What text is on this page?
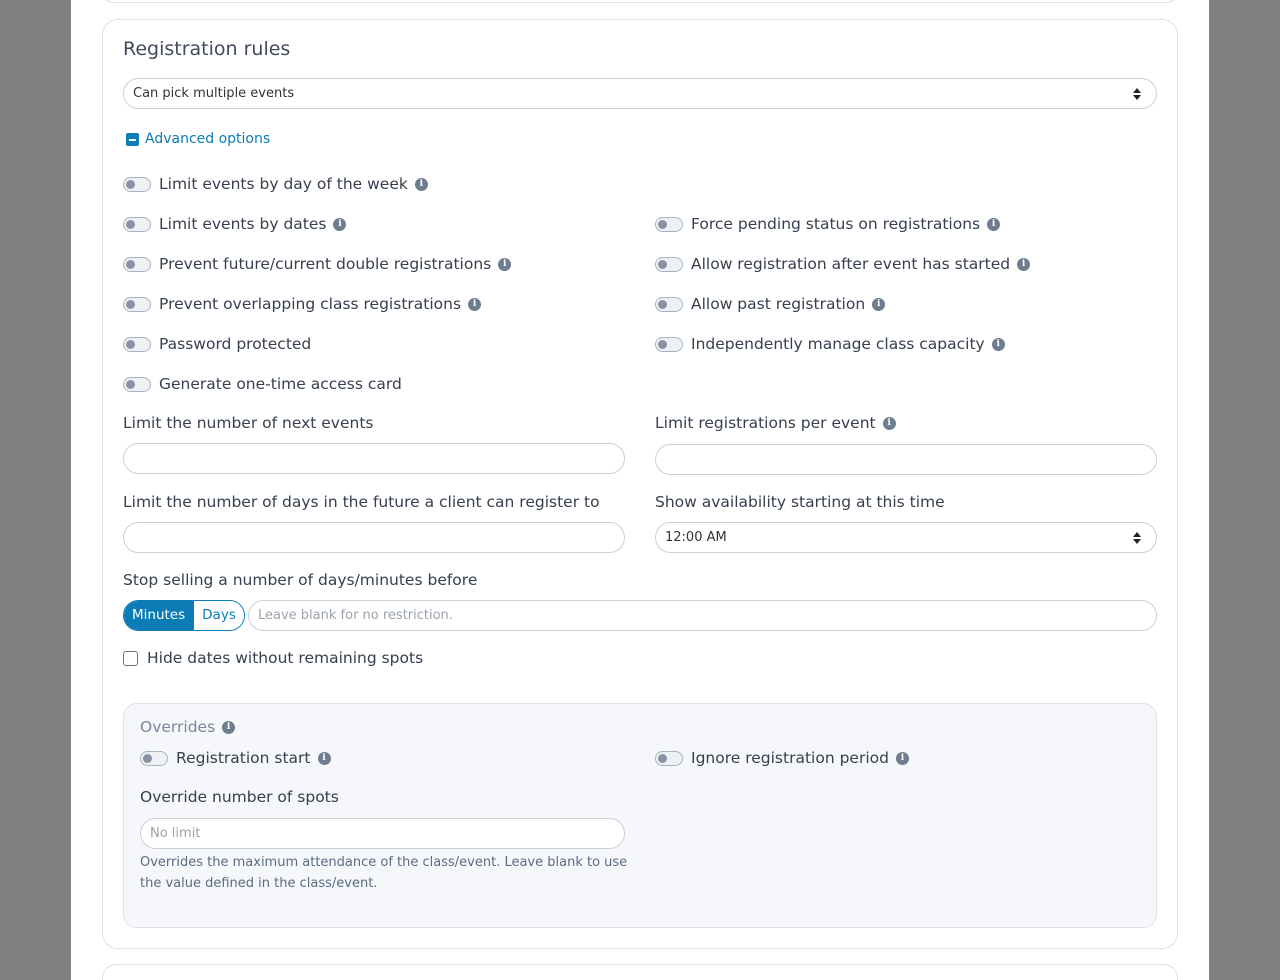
Registration rules
Can pick multiple events
Advanced options
Limit events by day of the week	i
Limit events by dates	i
Prevent future/current double registrations	i
Prevent overlapping class registrations	i
Password protected
Generate one-time access card
Force pending status on registrations	i
Allow registration after event has started	i
Allow past registration	i
Independently manage class capacity	i
Limit the number of next events	Limit registrations per event	i
Limit the number of days in the future a client can register to	Show availability starting at this time
12:00 AM
Stop selling a number of days/minutes before
Minutes	Days
Leave blank for no restriction.
Hide dates without remaining spots
Overrides	i
Registration start	i	Ignore registration period	i
Override number of spots
No limit
Overrides the maximum attendance of the class/event. Leave blank to use the value defined in the class/event.
